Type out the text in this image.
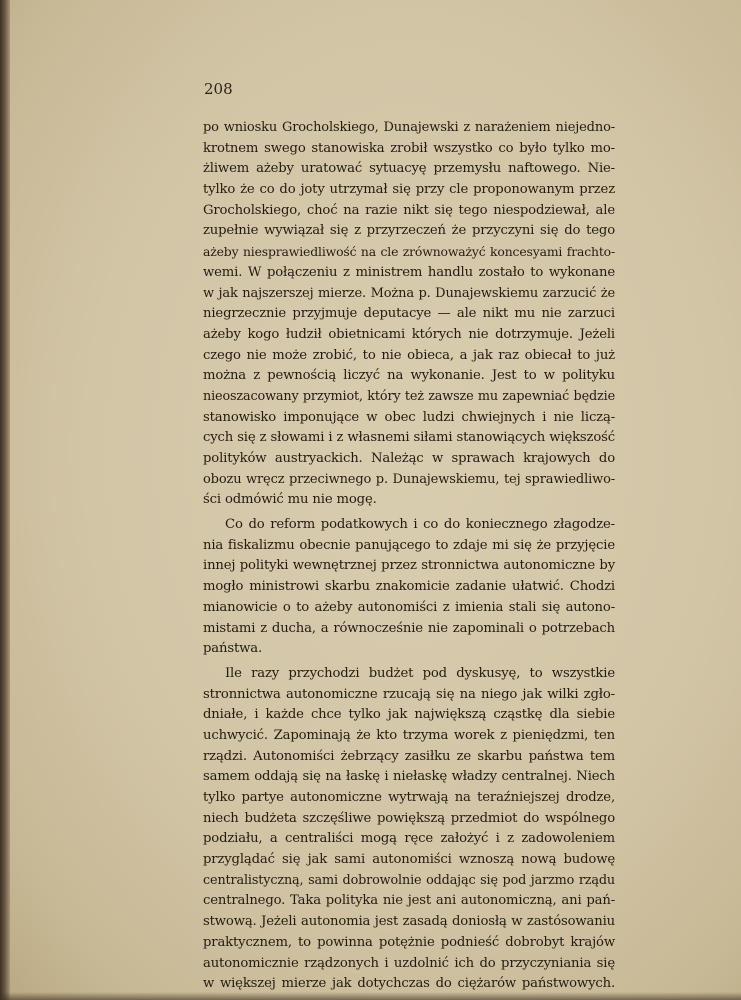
208
po wniosku Grocholskiego, Dunajewski z narażeniem niejedno-
krotnem swego stanowiska zrobił wszystko co było tylko mo-
żliwem ażeby uratować sytuacyę przemysłu naftowego. Nie-
tylko że co do joty utrzymał się przy cle proponowanym przez
Grocholskiego, choć na razie nikt się tego niespodziewał, ale
zupełnie wywiązał się z przyrzeczeń że przyczyni się do tego
ażeby niesprawiedliwość na cle zrównoważyć koncesyami frachto-
wemi. W połączeniu z ministrem handlu zostało to wykonane
w jak najszerszej mierze. Można p. Dunajewskiemu zarzucić że
niegrzecznie przyjmuje deputacye — ale nikt mu nie zarzuci
ażeby kogo łudził obietnicami których nie dotrzymuje. Jeżeli
czego nie może zrobić, to nie obieca, a jak raz obiecał to już
można z pewnością liczyć na wykonanie. Jest to w polityku
nieoszacowany przymiot, który też zawsze mu zapewniać będzie
stanowisko imponujące w obec ludzi chwiejnych i nie liczą-
cych się z słowami i z własnemi siłami stanowiących większość
polityków austryackich. Należąc w sprawach krajowych do
obozu wręcz przeciwnego p. Dunajewskiemu, tej sprawiedliwo-
ści odmówić mu nie mogę.
Co do reform podatkowych i co do koniecznego złagodze-
nia fiskalizmu obecnie panującego to zdaje mi się że przyjęcie
innej polityki wewnętrznej przez stronnictwa autonomiczne by
mogło ministrowi skarbu znakomicie zadanie ułatwić. Chodzi
mianowicie o to ażeby autonomiści z imienia stali się autono-
mistami z ducha, a równocześnie nie zapominali o potrzebach
państwa.
Ile razy przychodzi budżet pod dyskusyę, to wszystkie
stronnictwa autonomiczne rzucają się na niego jak wilki zgło-
dniałe, i każde chce tylko jak największą cząstkę dla siebie
uchwycić. Zapominają że kto trzyma worek z pieniędzmi, ten
rządzi. Autonomiści żebrzący zasiłku ze skarbu państwa tem
samem oddają się na łaskę i niełaskę władzy centralnej. Niech
tylko partye autonomiczne wytrwają na teraźniejszej drodze,
niech budżeta szczęśliwe powiększą przedmiot do wspólnego
podziału, a centraliści mogą ręce założyć i z zadowoleniem
przyglądać się jak sami autonomiści wznoszą nową budowę
centralistyczną, sami dobrowolnie oddając się pod jarzmo rządu
centralnego. Taka polityka nie jest ani autonomiczną, ani pań-
stwową. Jeżeli autonomia jest zasadą doniosłą w zastósowaniu
praktycznem, to powinna potężnie podnieść dobrobyt krajów
autonomicznie rządzonych i uzdolnić ich do przyczyniania się
w większej mierze jak dotychczas do ciężarów państwowych.
